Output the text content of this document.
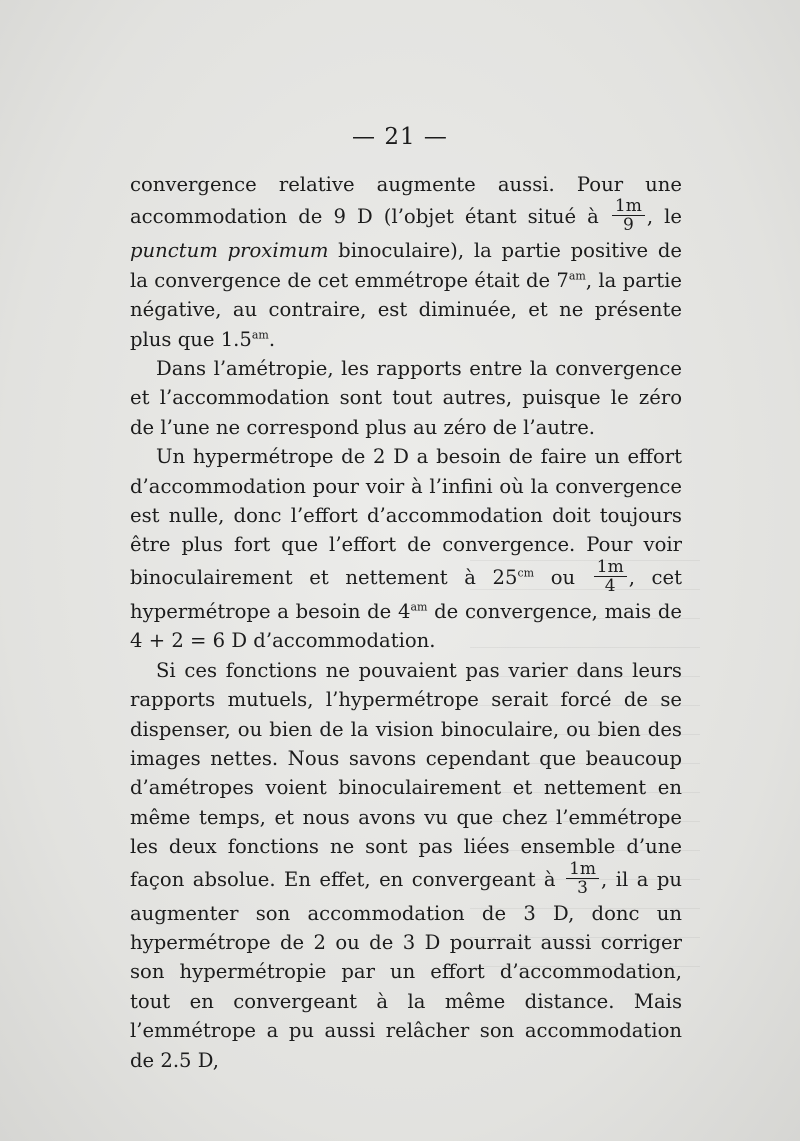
— 21 —

convergence relative augmente aussi. Pour une accommodation de 9 D (l’objet étant situé à $\frac{1m}{9}$ , le punctum proximum binoculaire), la partie positive de la convergence de cet emmétrope était de $7^{am}$, la partie négative, au contraire, est diminuée, et ne présente plus que $1.5^{am}$.

Dans l’amétropie, les rapports entre la convergence et l’accommodation sont tout autres, puisque le zéro de l’une ne correspond plus au zéro de l’autre.

Un hypermétrope de 2 D a besoin de faire un effort d’accommodation pour voir à l’infini où la convergence est nulle, donc l’effort d’accommodation doit toujours être plus fort que l’effort de convergence. Pour voir binoculairement et nettement à $25^{cm}$ ou $\frac{1m}{4}$ , cet hypermétrope a besoin de $4^{am}$ de convergence, mais de 4 + 2 = 6 D d’accommodation.

Si ces fonctions ne pouvaient pas varier dans leurs rapports mutuels, l’hypermétrope serait forcé de se dispenser, ou bien de la vision binoculaire, ou bien des images nettes. Nous savons cependant que beaucoup d’amétropes voient binoculairement et nettement en même temps, et nous avons vu que chez l’emmétrope les deux fonctions ne sont pas liées ensemble d’une façon absolue. En effet, en convergeant à $\frac{1m}{3}$ , il a pu augmenter son accommodation de 3 D, donc un hypermétrope de 2 ou de 3 D pourrait aussi corriger son hypermétropie par un effort d’accommodation, tout en convergeant à la même distance. Mais l’emmétrope a pu aussi relâcher son accommodation de 2.5 D,
